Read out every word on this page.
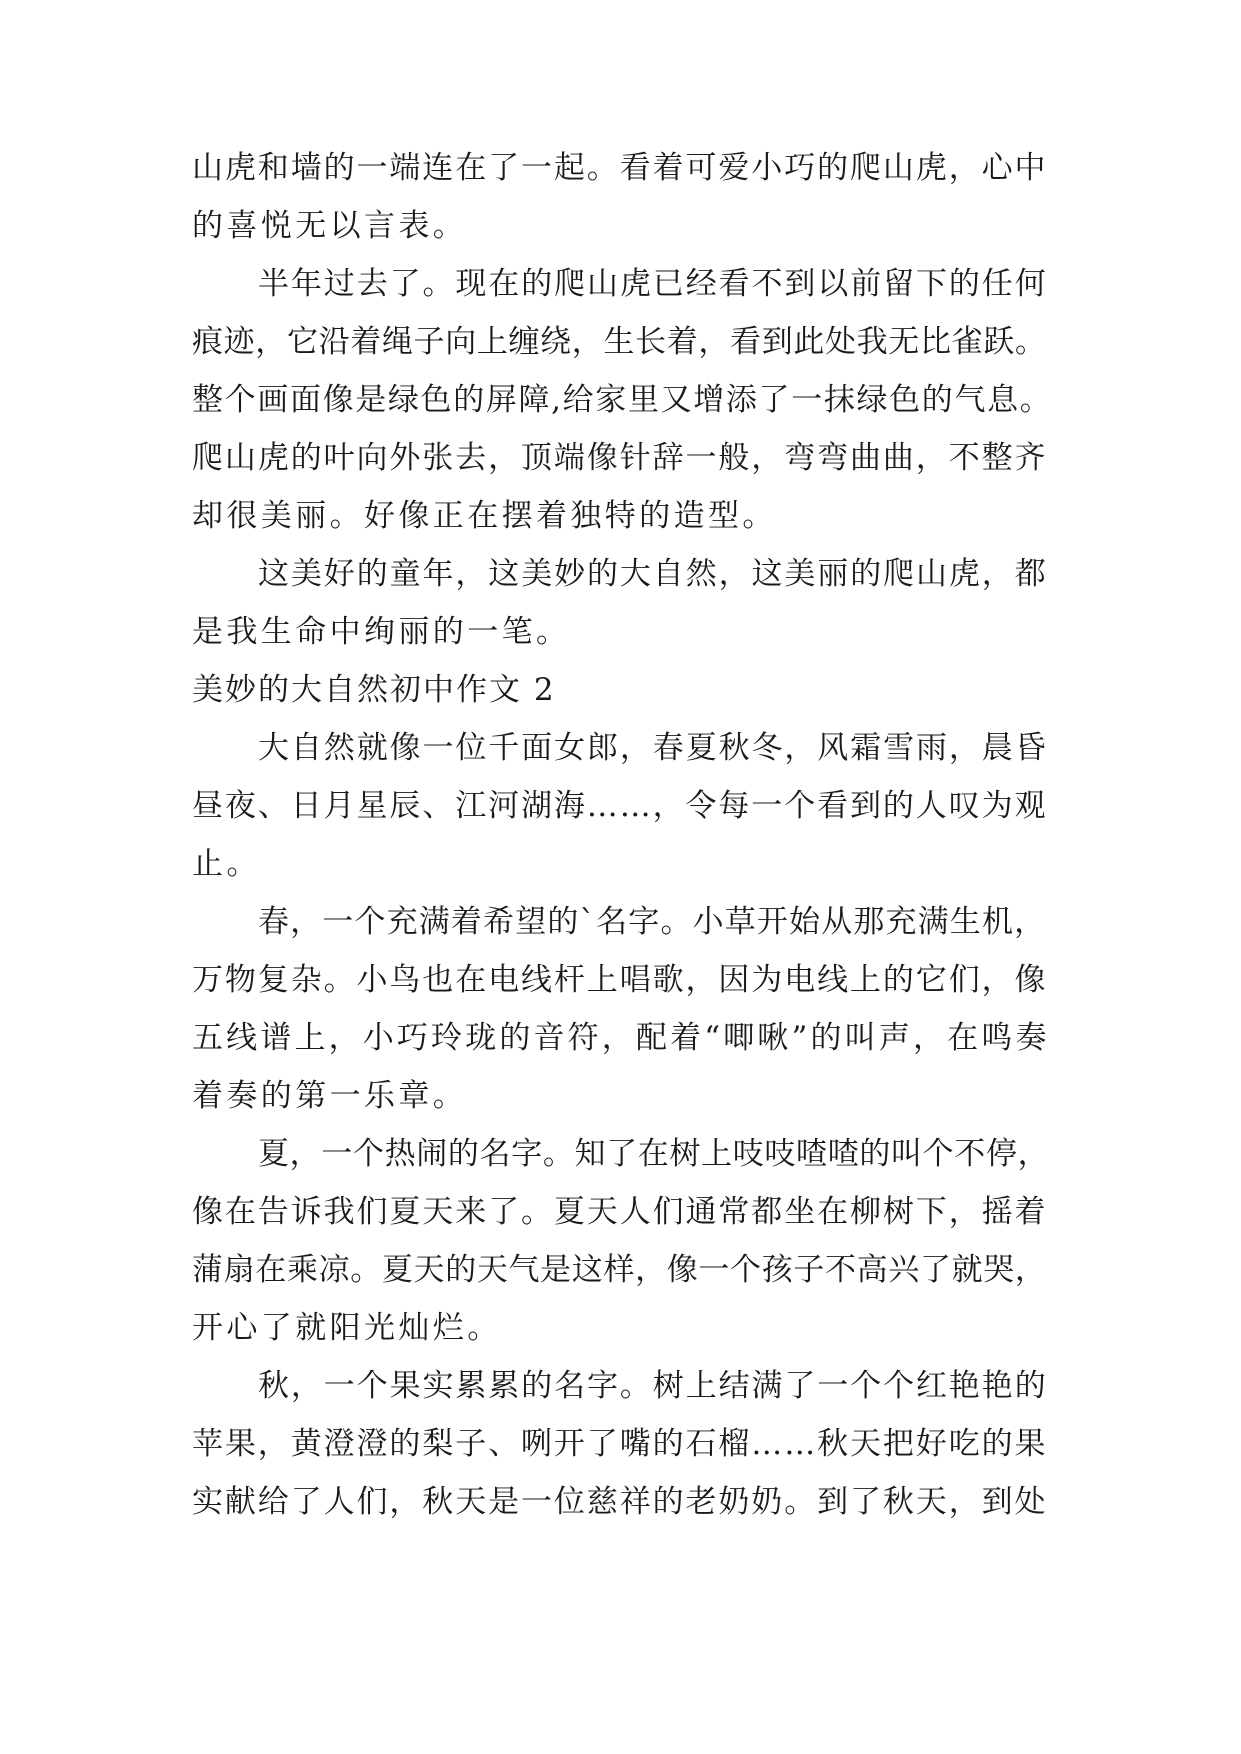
山虎和墙的一端连在了一起。看着可爱小巧的爬山虎，心中
的喜悦无以言表。
半年过去了。现在的爬山虎已经看不到以前留下的任何
痕迹，它沿着绳子向上缠绕，生长着，看到此处我无比雀跃。
整个画面像是绿色的屏障,给家里又增添了一抹绿色的气息。
爬山虎的叶向外张去，顶端像针辞一般，弯弯曲曲，不整齐
却很美丽。好像正在摆着独特的造型。
这美好的童年，这美妙的大自然，这美丽的爬山虎，都
是我生命中绚丽的一笔。
美妙的大自然初中作文 2
大自然就像一位千面女郎，春夏秋冬，风霜雪雨，晨昏
昼夜、日月星辰、江河湖海……，令每一个看到的人叹为观
止。
春，一个充满着希望的`名字。小草开始从那充满生机，
万物复杂。小鸟也在电线杆上唱歌，因为电线上的它们，像
五线谱上，小巧玲珑的音符，配着“唧啾”的叫声，在鸣奏
着奏的第一乐章。
夏，一个热闹的名字。知了在树上吱吱喳喳的叫个不停，
像在告诉我们夏天来了。夏天人们通常都坐在柳树下，摇着
蒲扇在乘凉。夏天的天气是这样，像一个孩子不高兴了就哭，
开心了就阳光灿烂。
秋，一个果实累累的名字。树上结满了一个个红艳艳的
苹果，黄澄澄的梨子、咧开了嘴的石榴……秋天把好吃的果
实献给了人们，秋天是一位慈祥的老奶奶。到了秋天，到处
